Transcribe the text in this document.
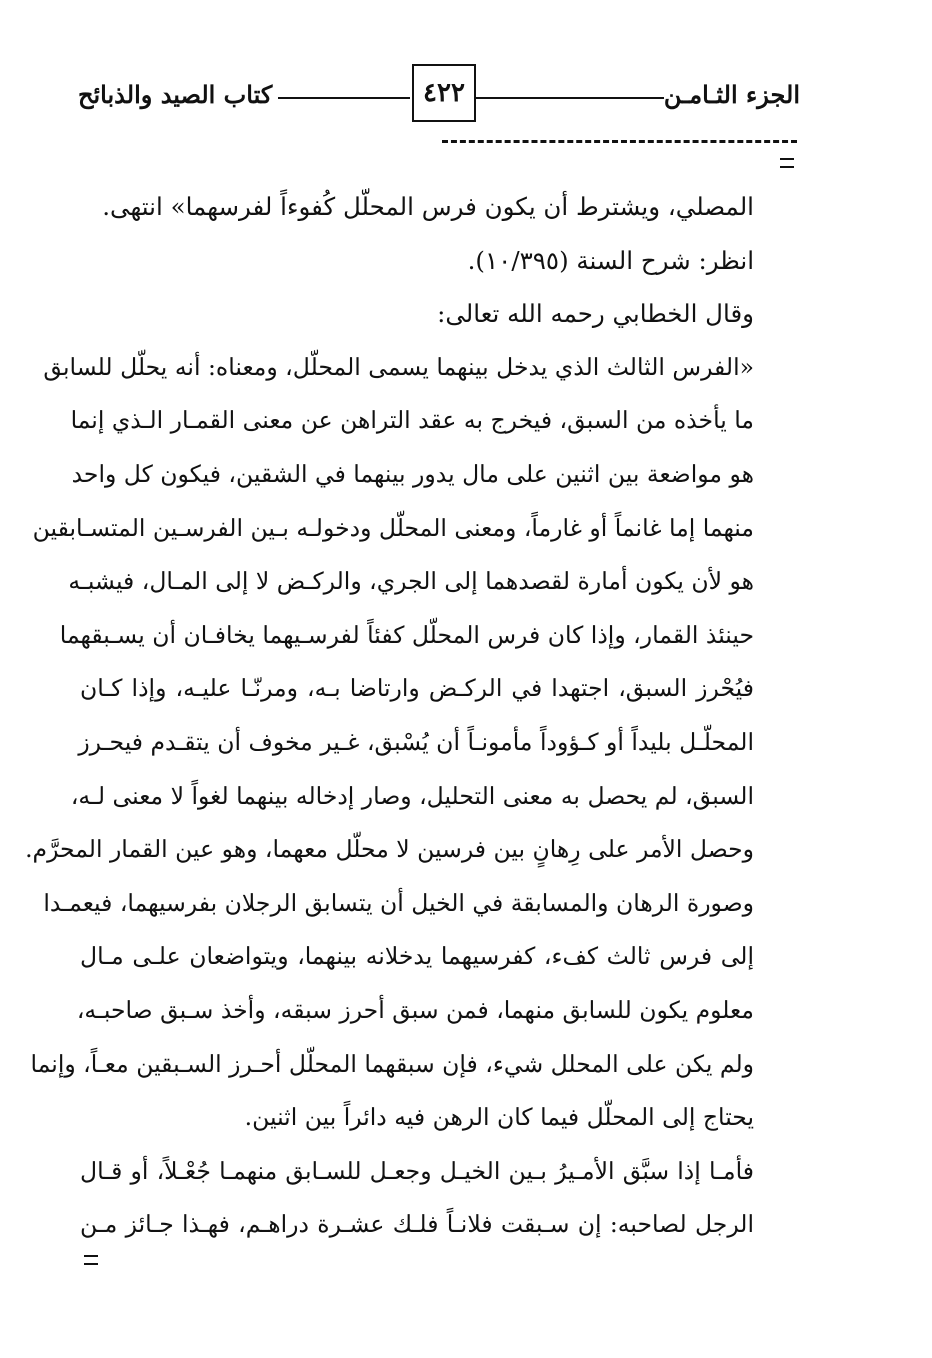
الجزء الثـامـن
٤٢٢
كتاب الصيد والذبائح
المصلي، ويشترط أن يكون فرس المحلّل كُفوءاً لفرسهما» انتهى.
انظر: شرح السنة (١٠/٣٩٥).
وقال الخطابي رحمه الله تعالى:
«الفرس الثالث الذي يدخل بينهما يسمى المحلّل، ومعناه: أنه يحلّل للسابق
ما يأخذه من السبق، فيخرج به عقد التراهن عن معنى القمـار الـذي إنما
هو مواضعة بين اثنين على مال يدور بينهما في الشقين، فيكون كل واحد
منهما إما غانماً أو غارماً، ومعنى المحلّل ودخولـه بـين الفرسـين المتسـابقين
هو لأن يكون أمارة لقصدهما إلى الجري، والركـض لا إلى المـال، فيشبـه
حينئذ القمار، وإذا كان فرس المحلّل كفئاً لفرسـيهما يخافـان أن يسـبقهما
فيُحْرز السبق، اجتهدا في الركـض وارتاضا بـه، ومرنّـا عليـه، وإذا كـان
المحلّـل بليداً أو كـؤوداً مأمونـاً أن يُسْبق، غـير مخوف أن يتقـدم فيحـرز
السبق، لم يحصل به معنى التحليل، وصار إدخاله بينهما لغواً لا معنى لـه،
وحصل الأمر على رِهانٍ بين فرسين لا محلّل معهما، وهو عين القمار المحرَّم.
وصورة الرهان والمسابقة في الخيل أن يتسابق الرجلان بفرسيهما، فيعمـدا
إلى فرس ثالث كفء، كفرسيهما يدخلانه بينهما، ويتواضعان علـى مـال
معلوم يكون للسابق منهما، فمن سبق أحرز سبقه، وأخذ سـبق صاحبـه،
ولم يكن على المحلل شيء، فإن سبقهما المحلّل أحـرز السـبقين معـاً، وإنما
يحتاج إلى المحلّل فيما كان الرهن فيه دائراً بين اثنين.
فأمـا إذا سبَّق الأمـيرُ بـين الخيـل وجعـل للسـابق منهمـا جُعْـلاً، أو قـال
الرجل لصاحبه: إن سـبقت فلانـاً فلـك عشـرة دراهـم، فهـذا جـائز مـن
